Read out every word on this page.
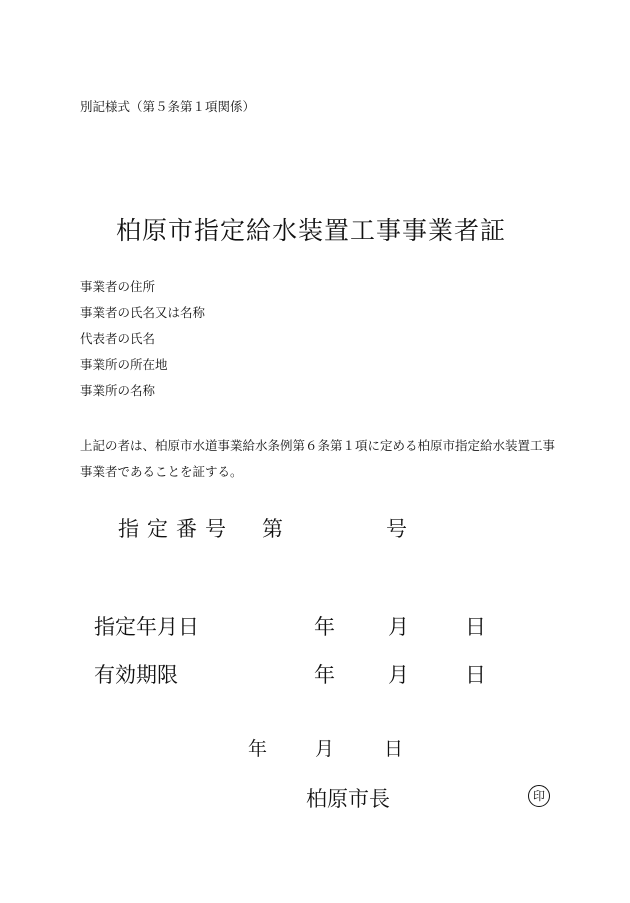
別記様式（第５条第１項関係）
柏原市指定給水装置工事事業者証
事業者の住所
事業者の氏名又は名称
代表者の氏名
事業所の所在地
事業所の名称
上記の者は、柏原市水道事業給水条例第６条第１項に定める柏原市指定給水装置工事事業者であることを証する。
指定番号 第	号
指定年月日	年	月	日
有効期限	年	月	日
年	月	日
柏原市長	印
